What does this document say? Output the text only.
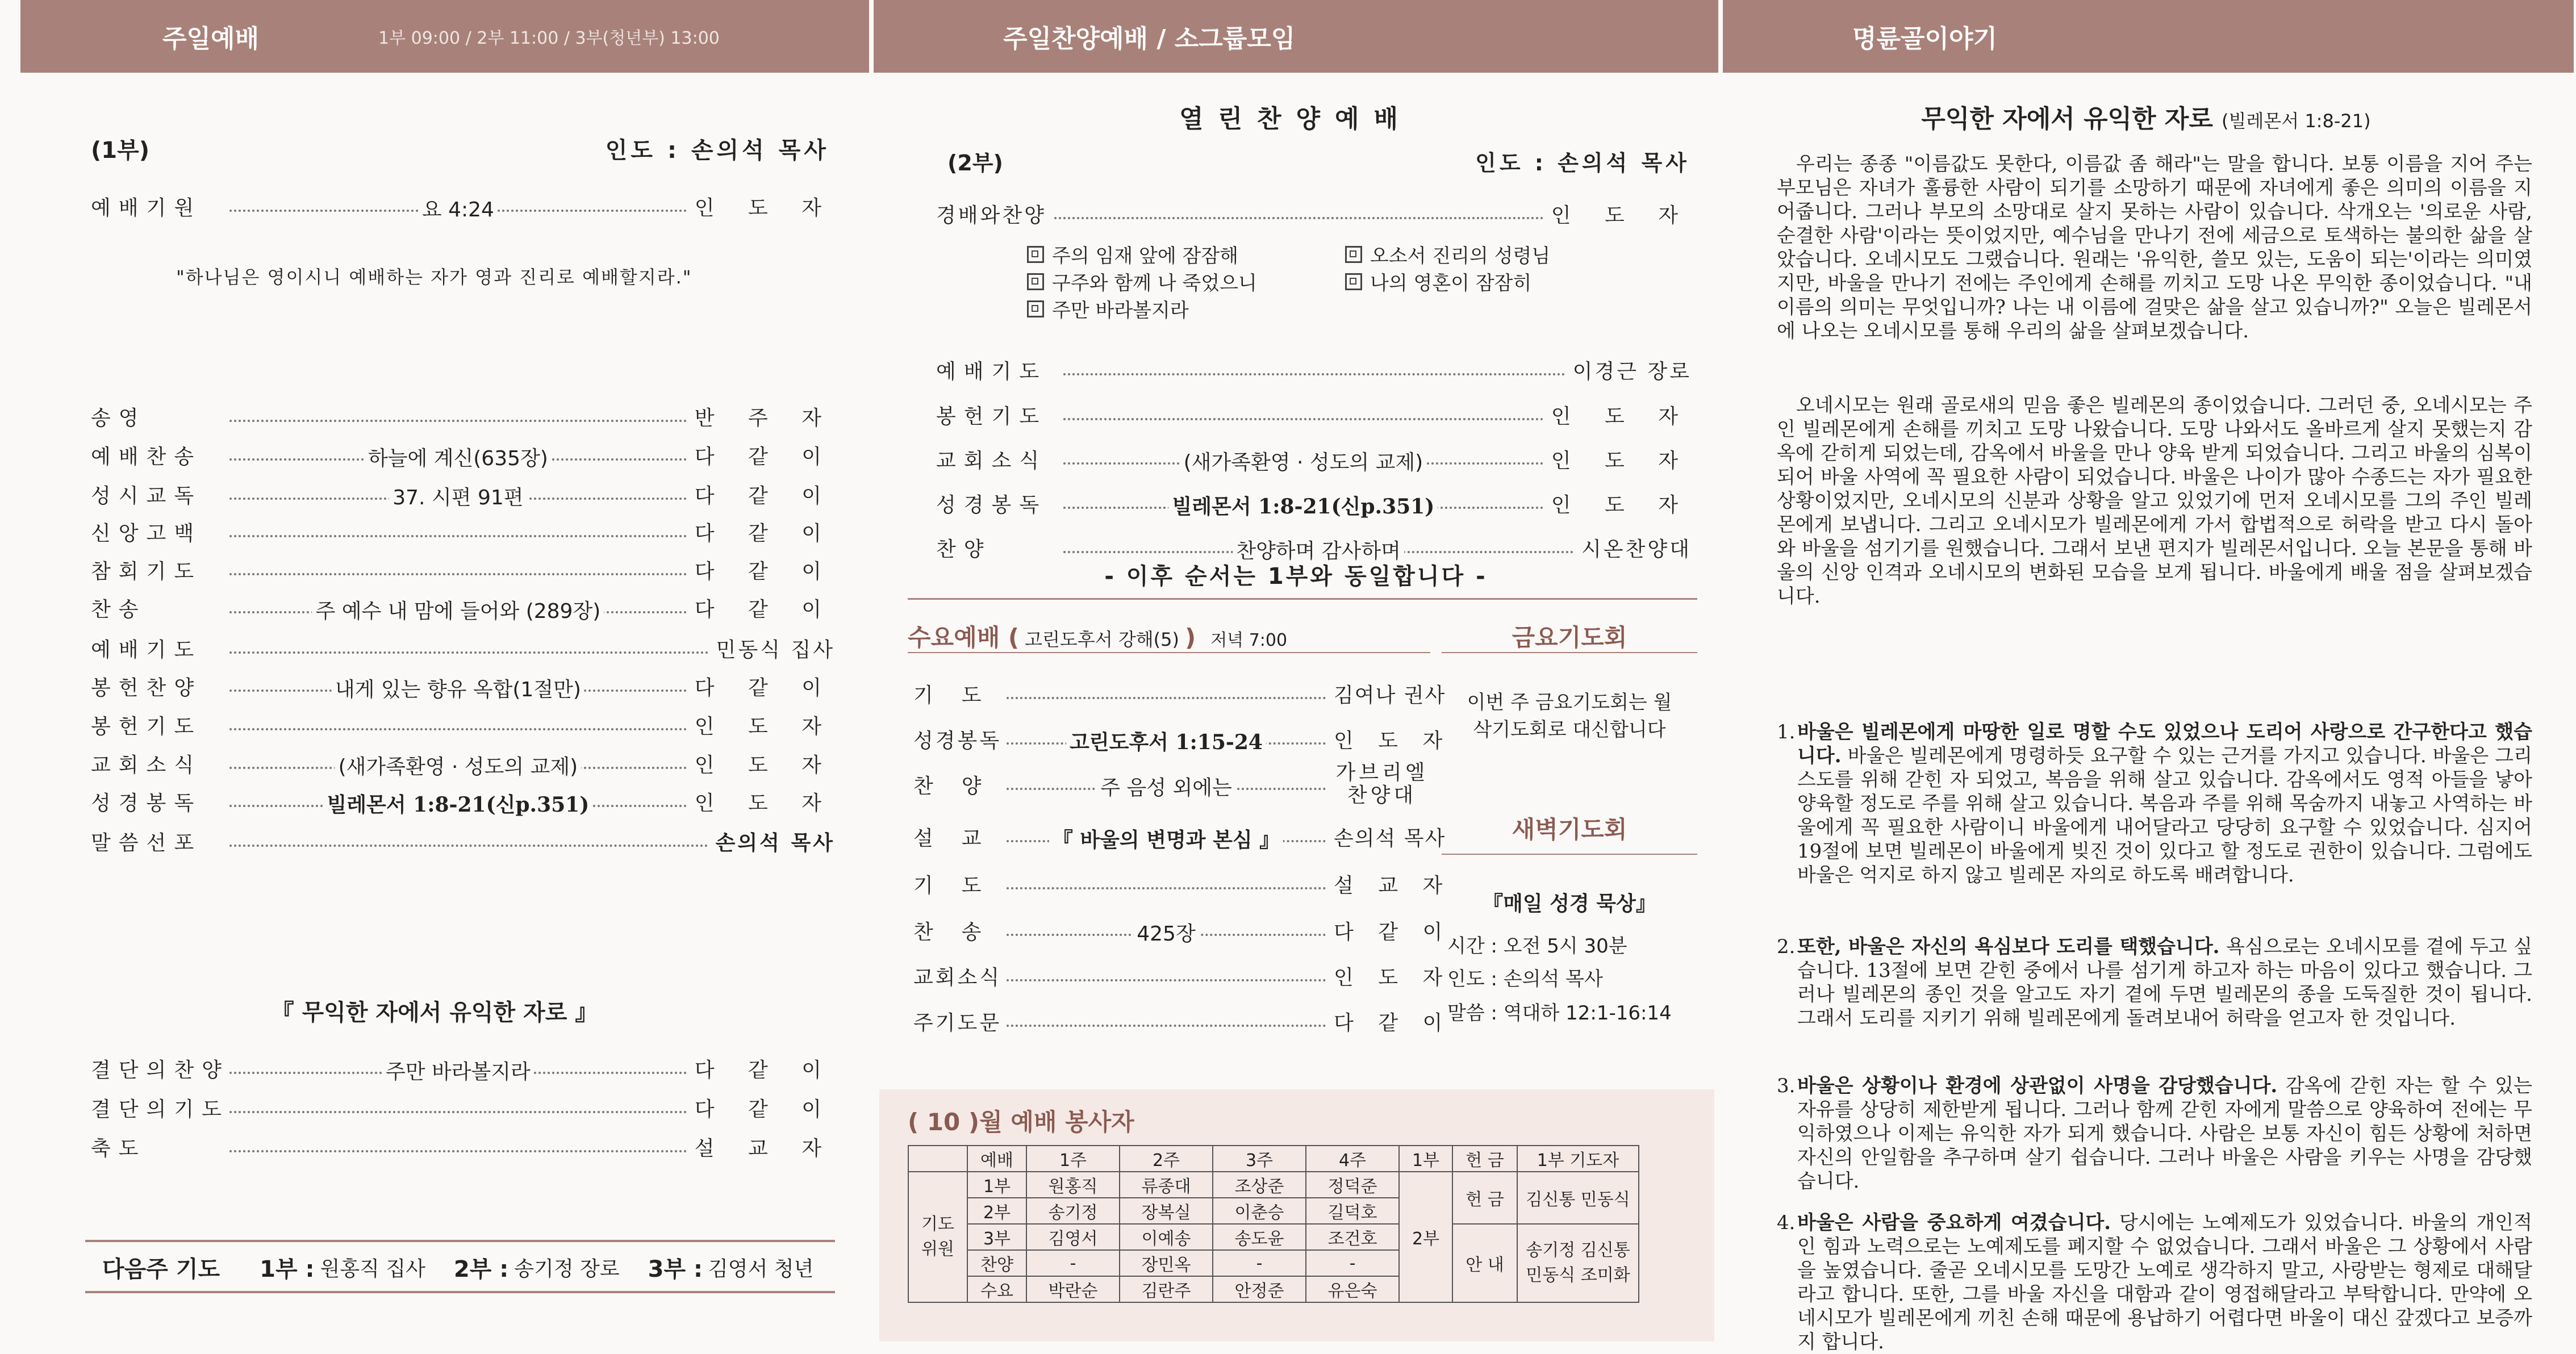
주일예배	1부 09:00 / 2부 11:00 / 3부(청년부) 13:00	주일찬양예배 / 소그룹모임	명륜골이야기
(1부)	인도 : 손의석 목사
예배기원	요 4:24	인 도 자
송영	반 주 자
예배찬송	하늘에 계신(635장)	다 같 이
성시교독	37. 시편 91편	다 같 이
신앙고백	다 같 이
참회기도	다 같 이
찬송	주 예수 내 맘에 들어와 (289장)	다 같 이
예배기도	민동식 집사
봉헌찬양	내게 있는 향유 옥합(1절만)	다 같 이
봉헌기도	인 도 자
교회소식	(새가족환영 · 성도의 교제)	인 도 자
성경봉독	빌레몬서 1:8-21(신p.351)	인 도 자
말씀선포	손의석 목사
결단의찬양	주만 바라볼지라	다 같 이
결단의기도	다 같 이
축도	설 교 자
"하나님은 영이시니 예배하는 자가 영과 진리로 예배할지라."
『 무익한 자에서 유익한 자로 』
다음주 기도 1부 : 원홍직 집사 2부 : 송기정 장로 3부 : 김영서 청년
열린찬양예배
(2부)	인도 : 손의석 목사
경배와찬양	인 도 자
주의 임재 앞에 잠잠해
구주와 함께 나 죽었으니
주만 바라볼지라
오소서 진리의 성령님
나의 영혼이 잠잠히
예배기도	이경근 장로
봉헌기도	인 도 자
교회소식	(새가족환영 · 성도의 교제)	인 도 자
성경봉독	빌레몬서 1:8-21(신p.351)	인 도 자
찬양	찬양하며 감사하며	시온찬양대
- 이후 순서는 1부와 동일합니다 -
수요예배 ( 고린도후서 강해(5) ) 저녁 7:00
기도	김여나 권사
성경봉독	고린도후서 1:15-24	인 도 자
찬양	주 음성 외에는
가브리엘 찬양대
설교 『 바울의 변명과 본심 』	손의석 목사
기도	설 교 자
찬송	425장	다 같 이
교회소식	인 도 자
주기도문	다 같 이
금요기도회
이번 주 금요기도회는 월삭기도회로 대신합니다
새벽기도회
『매일 성경 묵상』
시간 : 오전 5시 30분
인도 : 손의석 목사
말씀 : 역대하 12:1-16:14
( 10 )월 예배 봉사자
	예배	1주	2주	3주	4주	1부	헌 금	1부 기도자
기도 위원	1부	원홍직	류종대	조상준	정덕준	2부	헌 금	김신통 민동식
	2부	송기정	장복실	이춘승	길덕호			
	3부	김영서	이예송	송도윤	조건호		안 내	송기정 김신통 민동식 조미화
	찬양	-	장민옥	-	-			
	수요	박란순	김란주	안정준	유은숙			
무익한 자에서 유익한 자로 (빌레몬서 1:8-21)
우리는 종종 "이름값도 못한다, 이름값 좀 해라"는 말을 합니다. 보통 이름을 지어 주는 부모님은 자녀가 훌륭한 사람이 되기를 소망하기 때문에 자녀에게 좋은 의미의 이름을 지어줍니다. 그러나 부모의 소망대로 살지 못하는 사람이 있습니다. 삭개오는 '의로운 사람, 순결한 사람'이라는 뜻이었지만, 예수님을 만나기 전에 세금으로 토색하는 불의한 삶을 살았습니다. 오네시모도 그랬습니다. 원래는 '유익한, 쓸모 있는, 도움이 되는'이라는 의미였지만, 바울을 만나기 전에는 주인에게 손해를 끼치고 도망 나온 무익한 종이었습니다. "내 이름의 의미는 무엇입니까? 나는 내 이름에 걸맞은 삶을 살고 있습니까?" 오늘은 빌레몬서에 나오는 오네시모를 통해 우리의 삶을 살펴보겠습니다.
오네시모는 원래 골로새의 믿음 좋은 빌레몬의 종이었습니다. 그러던 중, 오네시모는 주인 빌레몬에게 손해를 끼치고 도망 나왔습니다. 도망 나와서도 올바르게 살지 못했는지 감옥에 갇히게 되었는데, 감옥에서 바울을 만나 양육 받게 되었습니다. 그리고 바울의 심복이 되어 바울 사역에 꼭 필요한 사람이 되었습니다. 바울은 나이가 많아 수종드는 자가 필요한 상황이었지만, 오네시모의 신분과 상황을 알고 있었기에 먼저 오네시모를 그의 주인 빌레몬에게 보냅니다. 그리고 오네시모가 빌레몬에게 가서 합법적으로 허락을 받고 다시 돌아와 바울을 섬기기를 원했습니다. 그래서 보낸 편지가 빌레몬서입니다. 오늘 본문을 통해 바울의 신앙 인격과 오네시모의 변화된 모습을 보게 됩니다. 바울에게 배울 점을 살펴보겠습니다.
1. 바울은 빌레몬에게 마땅한 일로 명할 수도 있었으나 도리어 사랑으로 간구한다고 했습니다. 바울은 빌레몬에게 명령하듯 요구할 수 있는 근거를 가지고 있습니다. 바울은 그리스도를 위해 갇힌 자 되었고, 복음을 위해 살고 있습니다. 감옥에서도 영적 아들을 낳아 양육할 정도로 주를 위해 살고 있습니다. 복음과 주를 위해 목숨까지 내놓고 사역하는 바울에게 꼭 필요한 사람이니 바울에게 내어달라고 당당히 요구할 수 있었습니다. 심지어 19절에 보면 빌레몬이 바울에게 빚진 것이 있다고 할 정도로 권한이 있습니다. 그럼에도 바울은 억지로 하지 않고 빌레몬 자의로 하도록 배려합니다.
2. 또한, 바울은 자신의 욕심보다 도리를 택했습니다. 욕심으로는 오네시모를 곁에 두고 싶습니다. 13절에 보면 갇힌 중에서 나를 섬기게 하고자 하는 마음이 있다고 했습니다. 그러나 빌레몬의 종인 것을 알고도 자기 곁에 두면 빌레몬의 종을 도둑질한 것이 됩니다. 그래서 도리를 지키기 위해 빌레몬에게 돌려보내어 허락을 얻고자 한 것입니다.
3. 바울은 상황이나 환경에 상관없이 사명을 감당했습니다. 감옥에 갇힌 자는 할 수 있는 자유를 상당히 제한받게 됩니다. 그러나 함께 갇힌 자에게 말씀으로 양육하여 전에는 무익하였으나 이제는 유익한 자가 되게 했습니다. 사람은 보통 자신이 힘든 상황에 처하면 자신의 안일함을 추구하며 살기 쉽습니다. 그러나 바울은 사람을 키우는 사명을 감당했습니다.
4. 바울은 사람을 중요하게 여겼습니다. 당시에는 노예제도가 있었습니다. 바울의 개인적인 힘과 노력으로는 노예제도를 폐지할 수 없었습니다. 그래서 바울은 그 상황에서 사람을 높였습니다. 줄곧 오네시모를 도망간 노예로 생각하지 말고, 사랑받는 형제로 대해달라고 합니다. 또한, 그를 바울 자신을 대함과 같이 영접해달라고 부탁합니다. 만약에 오네시모가 빌레몬에게 끼친 손해 때문에 용납하기 어렵다면 바울이 대신 갚겠다고 보증까지 합니다.
